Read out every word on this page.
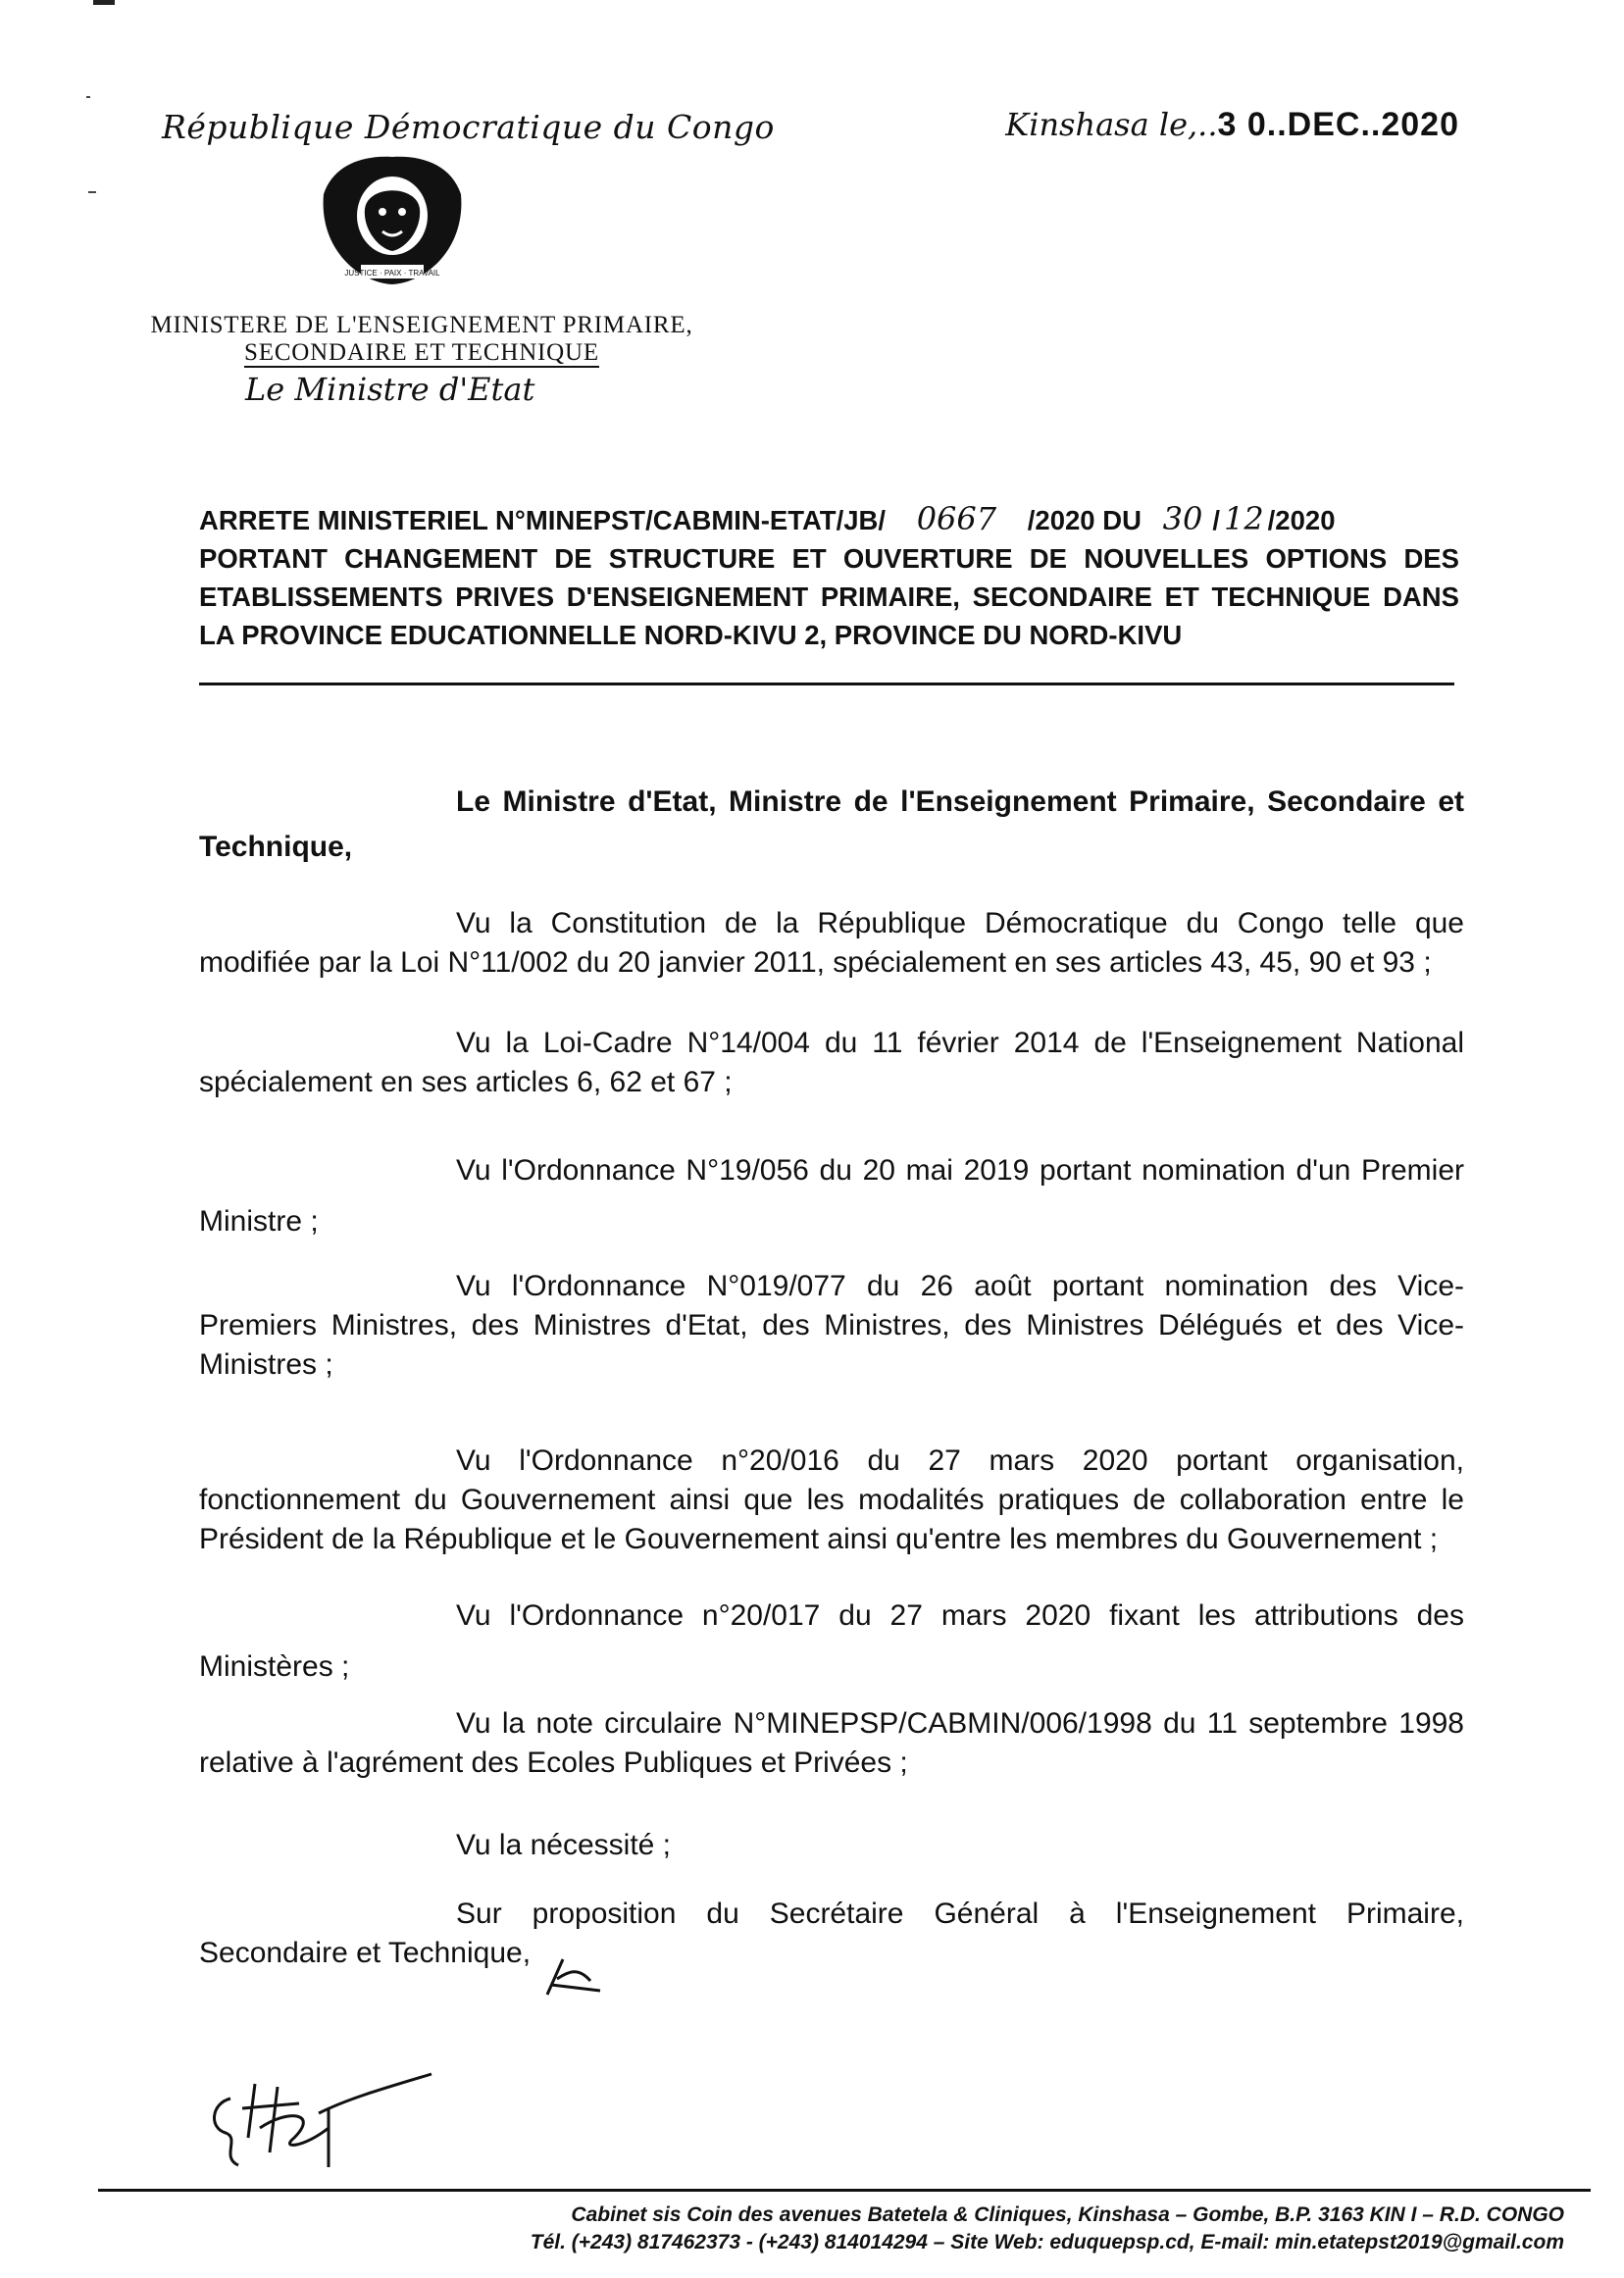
République Démocratique du Congo	Kinshasa le,..3 0..DEC..2020
JUSTICE · PAIX · TRAVAIL
MINISTERE DE L'ENSEIGNEMENT PRIMAIRE,
SECONDAIRE ET TECHNIQUE
Le Ministre d'Etat

ARRETE MINISTERIEL N°MINEPST/CABMIN-ETAT/JB/ 0667 /2020 DU 30 / 12 /2020

PORTANT CHANGEMENT DE STRUCTURE ET OUVERTURE DE NOUVELLES OPTIONS DES ETABLISSEMENTS PRIVES D'ENSEIGNEMENT PRIMAIRE, SECONDAIRE ET TECHNIQUE DANS LA PROVINCE EDUCATIONNELLE NORD-KIVU 2, PROVINCE DU NORD-KIVU

Le Ministre d'Etat, Ministre de l'Enseignement Primaire, Secondaire et Technique,
Vu la Constitution de la République Démocratique du Congo telle que modifiée par la Loi N°11/002 du 20 janvier 2011, spécialement en ses articles 43, 45, 90 et 93 ;
Vu la Loi-Cadre N°14/004 du 11 février 2014 de l'Enseignement National spécialement en ses articles 6, 62 et 67 ;
Vu l'Ordonnance N°19/056 du 20 mai 2019 portant nomination d'un Premier Ministre ;
Vu l'Ordonnance N°019/077 du 26 août portant nomination des Vice-Premiers Ministres, des Ministres d'Etat, des Ministres, des Ministres Délégués et des Vice-Ministres ;
Vu l'Ordonnance n°20/016 du 27 mars 2020 portant organisation, fonctionnement du Gouvernement ainsi que les modalités pratiques de collaboration entre le Président de la République et le Gouvernement ainsi qu'entre les membres du Gouvernement ;
Vu l'Ordonnance n°20/017 du 27 mars 2020 fixant les attributions des Ministères ;
Vu la note circulaire N°MINEPSP/CABMIN/006/1998 du 11 septembre 1998 relative à l'agrément des Ecoles Publiques et Privées ;
Vu la nécessité ;
Sur proposition du Secrétaire Général à l'Enseignement Primaire, Secondaire et Technique,
Cabinet sis Coin des avenues Batetela & Cliniques, Kinshasa – Gombe, B.P. 3163 KIN I – R.D. CONGO
Tél. (+243) 817462373 - (+243) 814014294 – Site Web: eduquepsp.cd, E-mail: min.etatepst2019@gmail.com
